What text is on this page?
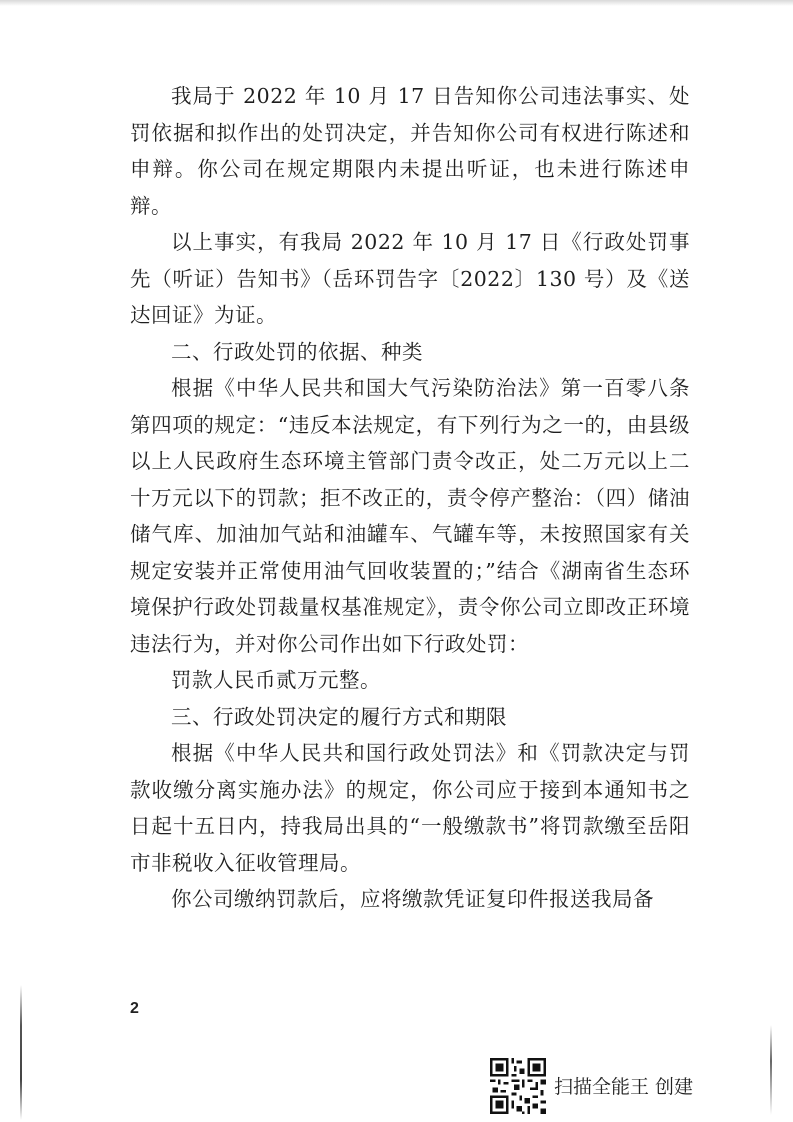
我局于 2022 年 10 月 17 日告知你公司违法事实、处罚依据和拟作出的处罚决定，并告知你公司有权进行陈述和申辩。你公司在规定期限内未提出听证，也未进行陈述申辩。

以上事实，有我局 2022 年 10 月 17 日《行政处罚事先（听证）告知书》（岳环罚告字〔2022〕130 号）及《送达回证》为证。

二、行政处罚的依据、种类

根据《中华人民共和国大气污染防治法》第一百零八条第四项的规定：“违反本法规定，有下列行为之一的，由县级以上人民政府生态环境主管部门责令改正，处二万元以上二十万元以下的罚款；拒不改正的，责令停产整治：（四）储油储气库、加油加气站和油罐车、气罐车等，未按照国家有关规定安装并正常使用油气回收装置的；”结合《湖南省生态环境保护行政处罚裁量权基准规定》，责令你公司立即改正环境违法行为，并对你公司作出如下行政处罚：

罚款人民币贰万元整。

三、行政处罚决定的履行方式和期限

根据《中华人民共和国行政处罚法》和《罚款决定与罚款收缴分离实施办法》的规定，你公司应于接到本通知书之日起十五日内，持我局出具的“一般缴款书”将罚款缴至岳阳市非税收入征收管理局。

你公司缴纳罚款后，应将缴款凭证复印件报送我局备

2
扫描全能王 创建
